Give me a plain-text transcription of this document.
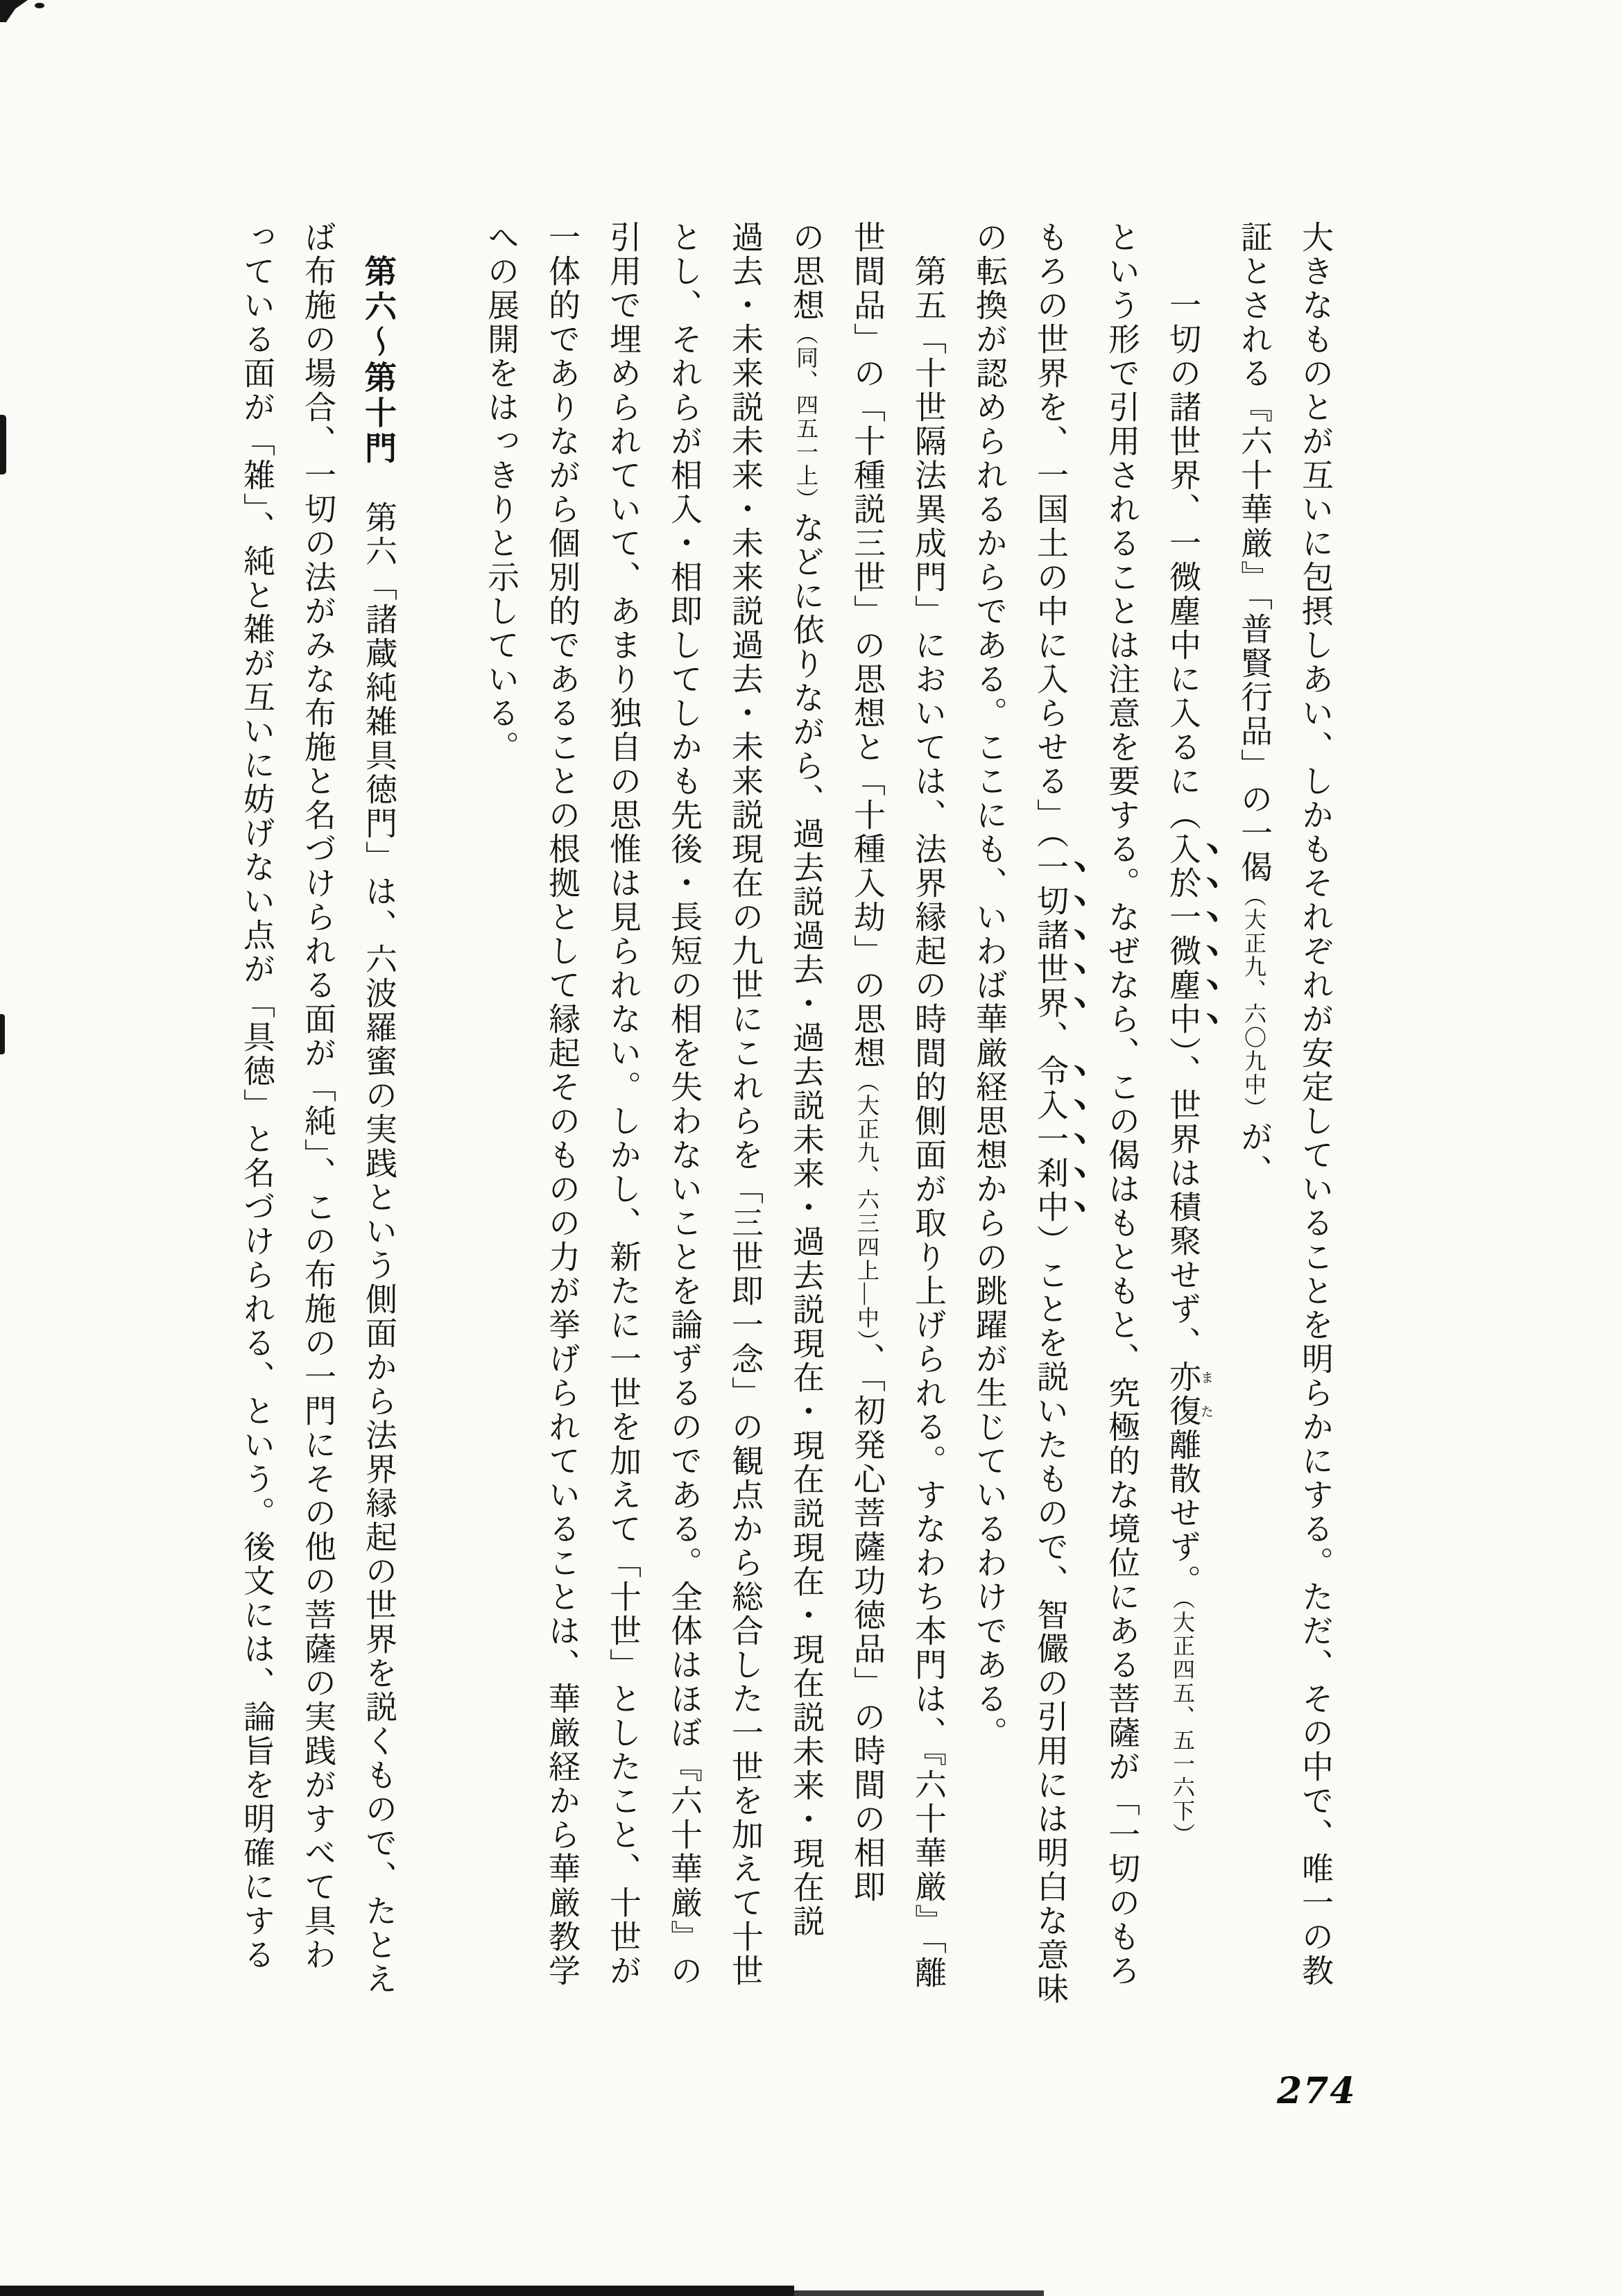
大きなものとが互いに包摂しあい、しかもそれぞれが安定していることを明らかにする。ただ、その中で、唯一の教
証とされる『六十華厳』「普賢行品」の一偈（大正九、六〇九中）が、
一切の諸世界、一微塵中に入るに（入於一微塵中）、世界は積聚せず、亦復また離散せず。（大正四五、五一六下）
という形で引用されることは注意を要する。なぜなら、この偈はもともと、究極的な境位にある菩薩が「一切のもろ
もろの世界を、一国土の中に入らせる」（一切諸世界、令入一刹中）ことを説いたもので、智儼の引用には明白な意味
の転換が認められるからである。ここにも、いわば華厳経思想からの跳躍が生じているわけである。
第五「十世隔法異成門」においては、法界縁起の時間的側面が取り上げられる。すなわち本門は、『六十華厳』「離
世間品」の「十種説三世」の思想と「十種入劫」の思想（大正九、六三四上―中）、「初発心菩薩功徳品」の時間の相即
の思想（同、四五一上）などに依りながら、過去説過去・過去説未来・過去説現在・現在説現在・現在説未来・現在説
過去・未来説未来・未来説過去・未来説現在の九世にこれらを「三世即一念」の観点から総合した一世を加えて十世
とし、それらが相入・相即してしかも先後・長短の相を失わないことを論ずるのである。全体はほぼ『六十華厳』の
引用で埋められていて、あまり独自の思惟は見られない。しかし、新たに一世を加えて「十世」としたこと、十世が
一体的でありながら個別的であることの根拠として縁起そのものの力が挙げられていることは、華厳経から華厳教学
への展開をはっきりと示している。
第六〜第十門　第六「諸蔵純雑具徳門」は、六波羅蜜の実践という側面から法界縁起の世界を説くもので、たとえ
ば布施の場合、一切の法がみな布施と名づけられる面が「純」、この布施の一門にその他の菩薩の実践がすべて具わ
っている面が「雑」、純と雑が互いに妨げない点が「具徳」と名づけられる、という。後文には、論旨を明確にする
274
